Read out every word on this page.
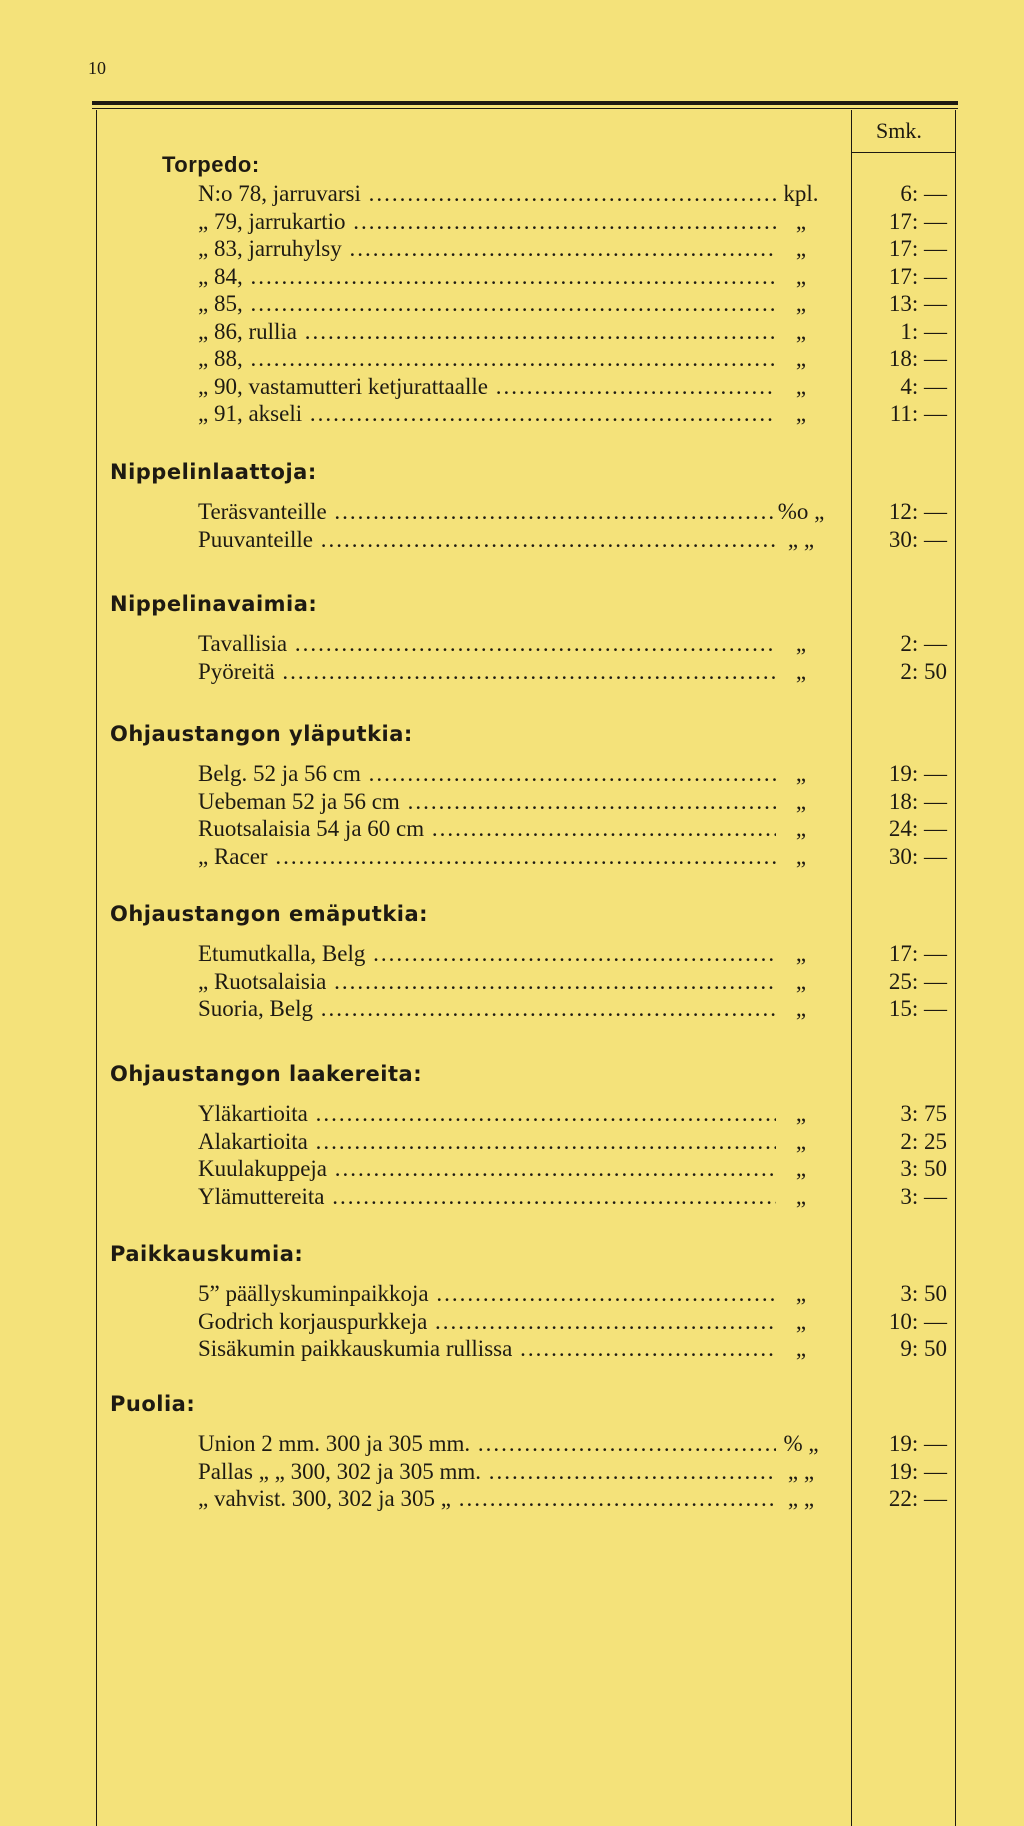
10
Smk.
Torpedo:
N:o 78, jarruvarsi .....	kpl.	6: —
„ 79, jarrukartio .....	„	17: —
„ 83, jarruhylsy .....	„	17: —
„ 84, .....	„	17: —
„ 85, .....	„	13: —
„ 86, rullia .....	„	1: —
„ 88, .....	„	18: —
„ 90, vastamutteri ketjurattaalle .....	„	4: —
„ 91, akseli .....	„	11: —
Nippelinlaattoja:
Teräsvanteille .....	%o „	12: —
Puuvanteille .....	„ „	30: —
Nippelinavaimia:
Tavallisia .....	„	2: —
Pyöreitä .....	„	2: 50
Ohjaustangon yläputkia:
Belg. 52 ja 56 cm .....	„	19: —
Uebeman 52 ja 56 cm .....	„	18: —
Ruotsalaisia 54 ja 60 cm .....	„	24: —
„ Racer .....	„	30: —
Ohjaustangon emäputkia:
Etumutkalla, Belg .....	„	17: —
„ Ruotsalaisia .....	„	25: —
Suoria, Belg .....	„	15: —
Ohjaustangon laakereita:
Yläkartioita .....	„	3: 75
Alakartioita .....	„	2: 25
Kuulakuppeja .....	„	3: 50
Ylämuttereita .....	„	3: —
Paikkauskumia:
5” päällyskuminpaikkoja .....	„	3: 50
Godrich korjauspurkkeja .....	„	10: —
Sisäkumin paikkauskumia rullissa .....	„	9: 50
Puolia:
Union 2 mm. 300 ja 305 mm. .....	% „	19: —
Pallas „ „ 300, 302 ja 305 mm. .....	„ „	19: —
„ vahvist. 300, 302 ja 305 „ .....	„ „	22: —
